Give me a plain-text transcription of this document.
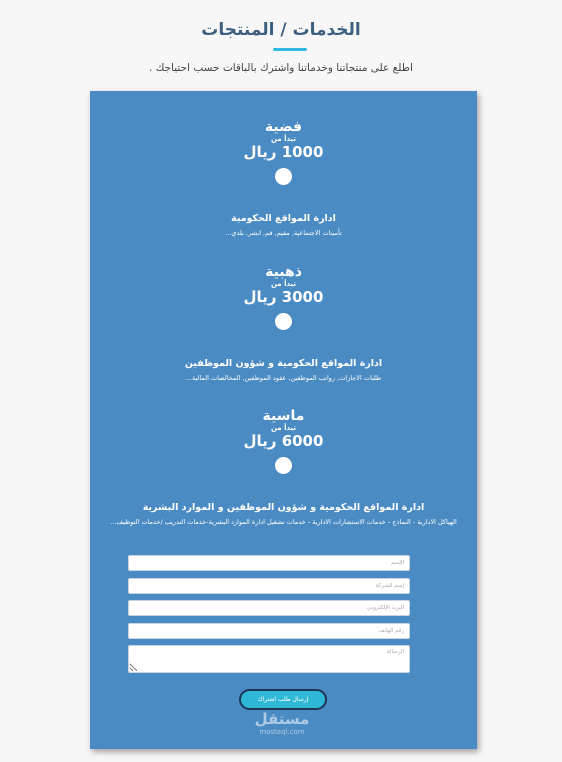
الخدمات / المنتجات
اطلع على منتجاتنا وخدماتنا واشترك بالباقات حسب احتياجك .
فضية
تبدأ من
1000 ريال
ادارة المواقع الحكومية
تأمينات الاجتماعية, مقيم, قم, ابشر, بلدي...
ذهبية
تبدأ من
3000 ريال
ادارة المواقع الحكومية و شؤون الموظفين
طلبات الاجازات, رواتب الموظفين, عقود الموظفين, المخالصات المالية...
ماسية
تبدأ من
6000 ريال
ادارة المواقع الحكومية و شؤون الموظفين و الموارد البشرية
الهياكل الادارية - النماذج - خدمات الاستشارات الادارية - خدمات تشغيل ادارة الموارد البشرية-خدمات التدريب /خدمات التوظيف...
الإسم
إسم الشركة
البريد الإلكتروني
رقم الهاتف
الرسالة
إرسال طلب اشتراك
مستقل
mostaql.com
